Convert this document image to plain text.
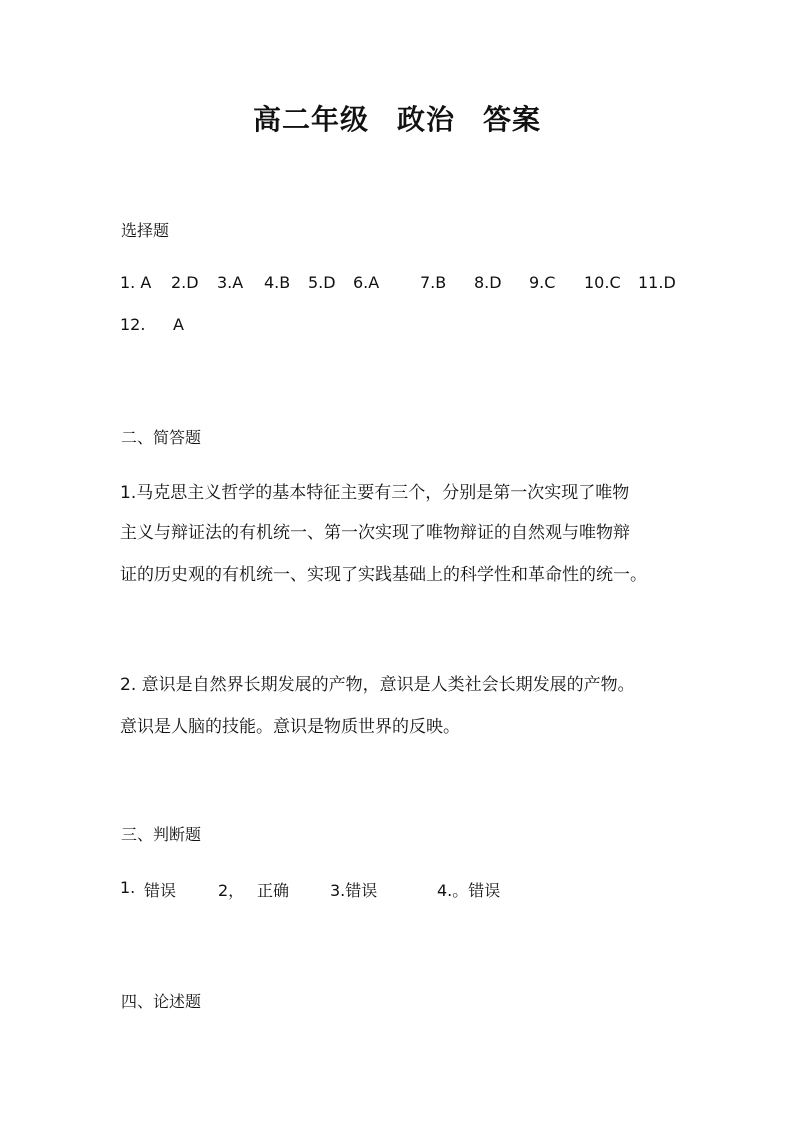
高二年级 政治 答案
选择题
1. A 2.D 3.A 4.B 5.D 6.A	7.B 8.D 9.C 10.C 11.D
12. A
二、简答题
1.马克思主义哲学的基本特征主要有三个，分别是第一次实现了唯物
主义与辩证法的有机统一、第一次实现了唯物辩证的自然观与唯物辩
证的历史观的有机统一、实现了实践基础上的科学性和革命性的统一。
2. 意识是自然界长期发展的产物，意识是人类社会长期发展的产物。
意识是人脑的技能。意识是物质世界的反映。
三、判断题
1. 错误	2， 正确	3.错误	4.。错误
四、论述题
